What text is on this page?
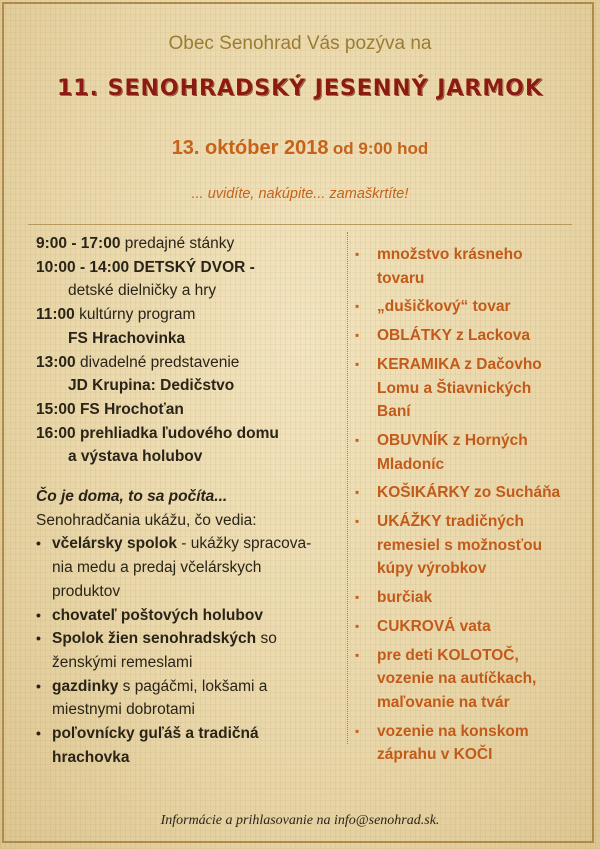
Obec Senohrad Vás pozýva na
11. SENOHRADSKÝ JESENNÝ JARMOK
13. október 2018 od 9:00 hod
... uvidíte, nakúpite... zamaškrtíte!
9:00 - 17:00 predajné stánky
10:00 - 14:00 DETSKÝ DVOR -
detské dielničky a hry
11:00 kultúrny program
FS Hrachovinka
13:00 divadelné predstavenie
JD Krupina: Dedičstvo
15:00 FS Hrochoťan
16:00 prehliadka ľudového domu
a výstava holubov
Čo je doma, to sa počíta...
Senohradčania ukážu, čo vedia:
• včelársky spolok - ukážky spracova-
nia medu a predaj včelárskych
produktov
• chovateľ poštových holubov
• Spolok žien senohradských so
ženskými remeslami
• gazdinky s pagáčmi, lokšami a
miestnymi dobrotami
• poľovnícky guľáš a tradičná
hrachovka
▪ množstvo krásneho
tovaru
▪ „dušičkový“ tovar
▪ OBLÁTKY z Lackova
▪ KERAMIKA z Dačovho
Lomu a Štiavnických
Baní
▪ OBUVNÍK z Horných
Mladoníc
▪ KOŠIKÁRKY zo Sucháňa
▪ UKÁŽKY tradičných
remesiel s možnosťou
kúpy výrobkov
▪ burčiak
▪ CUKROVÁ vata
▪ pre deti KOLOTOČ,
vozenie na autíčkach,
maľovanie na tvár
▪ vozenie na konskom
záprahu v KOČI
Informácie a prihlasovanie na info@senohrad.sk.
